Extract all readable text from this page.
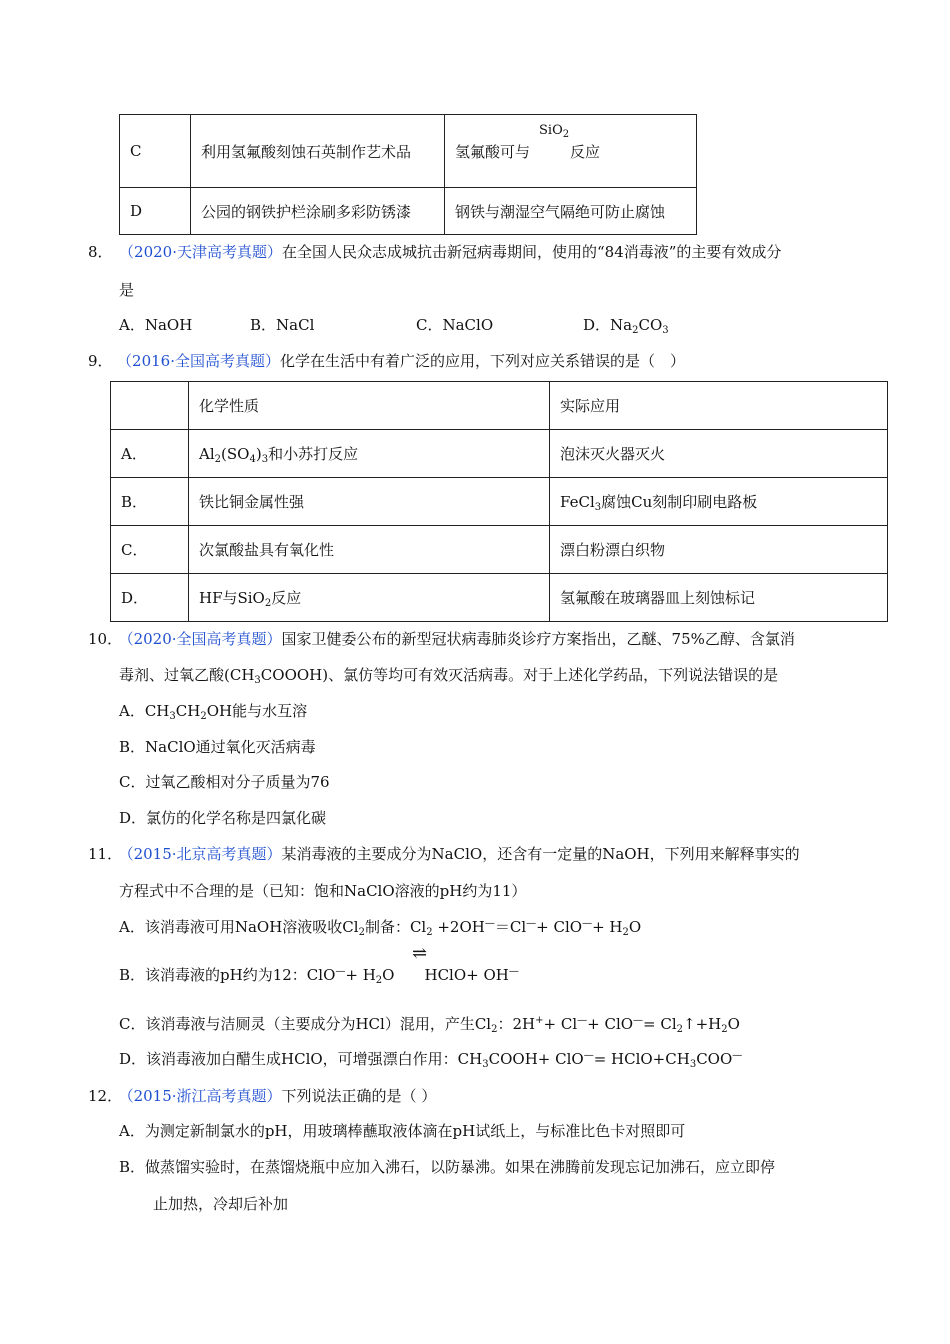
C	利用氢氟酸刻蚀石英制作艺术品	氢氟酸可与 反应
SiO$_2$

D	公园的钢铁护栏涂刷多彩防锈漆	钢铁与潮湿空气隔绝可防止腐蚀
8． （2020·天津高考真题）在全国人民众志成城抗击新冠病毒期间，使用的“84消毒液”的主要有效成分
是
A．NaOH	B．NaCl	C．NaClO	D．$Na_2CO_3$
9． （2016·全国高考真题）化学在生活中有着广泛的应用，下列对应关系错误的是（　）
	化学性质	实际应用
A．	$Al_2(SO_4)_3$和小苏打反应	泡沫灭火器灭火
B．	铁比铜金属性强	FeCl$_3$腐蚀Cu刻制印刷电路板
C．	次氯酸盐具有氧化性	漂白粉漂白织物
D．	HF与SiO$_2$反应	氢氟酸在玻璃器皿上刻蚀标记
10． （2020·全国高考真题）国家卫健委公布的新型冠状病毒肺炎诊疗方案指出，乙醚、75%乙醇、含氯消
毒剂、过氧乙酸$(CH_3COOOH)$、氯仿等均可有效灭活病毒。对于上述化学药品，下列说法错误的是
A．$CH_3CH_2OH$能与水互溶
B．NaClO通过氧化灭活病毒
C．过氧乙酸相对分子质量为76
D．氯仿的化学名称是四氯化碳
11． （2015·北京高考真题）某消毒液的主要成分为NaClO，还含有一定量的NaOH，下列用来解释事实的
方程式中不合理的是（已知：饱和NaClO溶液的pH约为11）
A．该消毒液可用NaOH溶液吸收$Cl_2$制备：$Cl_2 +2OH^—=Cl^—+ ClO^—+ H_2O$
B．该消毒液的pH约为12：$ClO^—+ H_2O$ HClO+ OH—
⇌
C．该消毒液与洁厕灵（主要成分为HCl）混用，产生$Cl_2$：$2H^++ Cl^—+ ClO^—= Cl_2↑+H_2O$
D．该消毒液加白醋生成HClO，可增强漂白作用：$CH_3COOH+ ClO^—=$ $HClO+CH_3COO^—$
12． （2015·浙江高考真题）下列说法正确的是（ ）
A．为测定新制氯水的pH，用玻璃棒蘸取液体滴在pH试纸上，与标准比色卡对照即可
B．做蒸馏实验时，在蒸馏烧瓶中应加入沸石，以防暴沸。如果在沸腾前发现忘记加沸石，应立即停
止加热，冷却后补加
